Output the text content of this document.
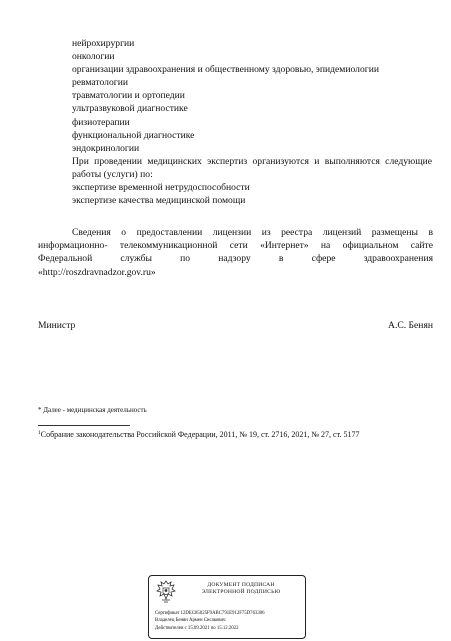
нейрохирургии
онкологии
организации здравоохранения и общественному здоровью, эпидемиологии
ревматологии
травматологии и ортопедии
ультразвуковой диагностике
физиотерапии
функциональной диагностике
эндокринологии
При проведении медицинских экспертиз организуются и выполняются следующие работы (услуги) по:
экспертизе временной нетрудоспособности
экспертизе качества медицинской помощи
Сведения о предоставлении лицензии из реестра лицензий размещены в
информационно- телекоммуникационной сети «Интернет» на официальном сайте
Федеральной службы по надзору в сфере здравоохранения
«http://roszdravnadzor.gov.ru»
Министр	А.С. Бенян
* Далее - медицинская деятельность
$^1$Собрание законодательства Российской Федерации, 2011, № 19, ст. 2716, 2021, № 27, ст. 5177
ДОКУМЕНТ ПОДПИСАН
ЭЛЕКТРОННОЙ ПОДПИСЬЮ
Сертификат 12DEC85025F9ABC791E912F75D763306
Владелец Бенян Армен Сисакович
Действителен с 15.09.2021 по 15.12.2022
